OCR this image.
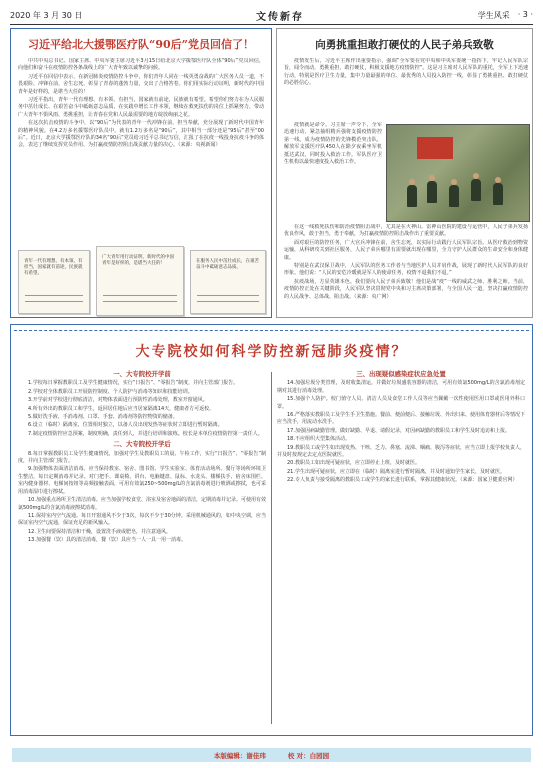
2020 年 3 月 30 日	文传新存	学生风采 · 3 ·
习近平给北大援鄂医疗队“90后”党员回信了！

中共中央总书记、国家主席、中央军委主席习近平3月15日给北京大学援鄂医疗队全体“90后”党员回信，向他们和奋斗在疫情防控各条战线上的广大青年致以诚挚的问候。

习近平在回信中表示，在新冠肺炎疫情防控斗争中，你们青年人同在一线英勇奋战的广大医务人员一道，不畏艰险、冲锋在前，舍生忘死，彰显了青春的蓬勃力量，交出了合格答卷。你们用实际行动证明，新时代的中国青年是好样的，是堪当大任的！

习近平指出，青年一代有理想、有本领、有担当，国家就有前途，民族就有希望。希望你们努力在为人民服务中茁壮成长、在艰苦奋斗中砥砺意志品质、在实践中增长工作本领，继续在救死扶伤的岗位上抓紧努力，带动广大青年不惧风雨、勇挑重担，让青春在党和人民最需要的地方绽放绚丽之花。

在这次抗击疫情的斗争中，以“90后”为代表的青年一代冲锋在前、担当奉献，充分展现了新时代中国青年的精神风貌。在4.2万多名援鄂医疗队员中，就有1.2万多名是“90后”，其中相当一部分还是“95后”甚至“00后”。近日，北京大学援鄂医疗队的34名“90后”党员给习近平总书记写信，汇报了在抗疫一线投身抗疫斗争的体会，表达了继续发挥党员作用、为打赢疫情防控阻击战贡献力量的决心。（来源：央视新闻）

青年一代有理想、有本领、有担当，国家就有前途，民族就有希望。
广大青年用行动证明，新时代的中国青年是好样的，是堪当大任的！	在服务人民中茁壮成长，在艰苦奋斗中砥砺意志品质。
向勇挑重担敢打硬仗的人民子弟兵致敬

疫情发生后，习近平主席作出重要指示，强调“全军要在党中央和中央军委统一指挥下，牢记人民军队宗旨，闻令而动，勇挑重担，敢打硬仗，积极支援地方疫情防控”。这是习主席对人民军队的重托，全军上下迅速行动，特别是医疗卫生力量，集中力量最强的单位、最优秀的人员投入防控一线，彰显了勇挑重担、敢打硬仗的必胜信心。

疫情就是命令。习主席一声令下，全军迅速行动，紧急抽组精兵强将支援疫情防控第一线。成为疫情防控的先锋模范突击队，解放军支援医疗队450人在除夕夜乘坐军机抵达武汉，同时投入救治工作。军队医疗卫生机构以最快速度投入救治工作。

在这一线救死扶伤和防治疫情阻击战中，尤其是在火神山、雷神山医院的建设与运营中，人民子弟兵发扬优良作风，敢于担当，勇于奉献，为打赢疫情防控阻击战作出了重要贡献。

面对艰巨的防控任务，广大官兵冲锋在前，舍生忘死，以实际行动践行人民军队宗旨。从医疗救治到物资运输，从科研攻关到社区服务，人民子弟兵哪里有需要就出现在哪里，全力守护人民群众的生命安全和身体健康。

特别是在武汉保卫战中，人民军队的医务工作者与当地医护人员并肩作战，展现了新时代人民军队的良好形象。他们说：“人民的安危冷暖就是军人的使命任务，疫情不退我们不退。”

抗疫战场，方显英雄本色。我们要向人民子弟兵致敬！他们是战“疫”一线的威武之师、胜利之师。当前，疫情防控正处在关键阶段，人民军队坚决贯彻党中央和习主席决策部署，与全国人民一道，坚决打赢疫情防控的人民战争、总体战、阻击战。（来源：央广网）

大专院校如何科学防控新冠肺炎疫情？
一、大专院校开学前

1.学校每日掌握教职员工及学生健康情况，实行“日报告”、“零报告”制度，并向主管部门报告。

2.学校对全体教职员工开展防控制度、个人防护与消毒等知识和技能培训。

3.开学前对学校进行彻底清洁，对物体表面进行预防性消毒处理，教室开窗通风。

4.所有外出的教职员工和学生，返回居住地后应当居家隔离14天，健康者方可返校。

5.做好洗手液、手消毒剂、口罩、手套、消毒剂等防控物资的储备。

6.设立（临时）隔离室，位置相对独立，以备人员出现发热等症状时立即进行暂时隔离。

7.制定疫情防控应急预案，制度明确，责任到人，并进行培训和演练。校长是本单位疫情防控第一责任人。

二、大专院校开学后

8.每日掌握教职员工及学生健康情况，加强对学生及教职员工的晨、午检工作，实行“日报告”、“零报告”制度，并向主管部门报告。

9.加强物体表面清洁消毒。应当保持教室、宿舍、图书馆、学生实验室、体育活动场所、餐厅等场所环境卫生整洁，每日定期消毒并记录。对门把手、课桌椅、讲台、电脑键盘、鼠标、水龙头、楼梯扶手、宿舍床围栏、室内健身器材、电梯间按钮等高频接触表面，可用有效氯250~500mg/L的含氯消毒剂进行喷洒或擦拭，也可采用消毒湿巾进行擦拭。

10.加强重点场所卫生清洁消毒。应当加强学校食堂、浴室及宿舍地面的清洁，定期消毒并记录。可使用有效氯500mg/L的含氯消毒液擦拭消毒。

11.保持室内空气流通。每日开窗通风不少于3次，每次不少于30分钟。采用机械通风的，如中央空调，应当保证室内空气流通，保证充足的新风输入。

12.卫生间要保持清洁和干燥，设置洗手液或肥皂，并注意通风。

13.加强餐（饮）具的清洁消毒，餐（饮）具应当一人一具一用一消毒。

三、出现疑似感染症状应急处置

14.加强垃圾分类管理，及时收集清运，并做好垃圾盛装容器的清洁，可用有效氯500mg/L的含氯消毒剂定期对其进行消毒处理。

15.加强个人防护。校门值守人员、清洁人员及食堂工作人员等应当佩戴一次性使用医用口罩或医用外科口罩。

16.严格落实教职员工及学生手卫生措施。餐前、便前便后、接触垃圾、外出归来、使用体育器材后等情况下应当洗手，用流动水洗手。

17.加强因病缺勤管理。做好缺勤、早退、请假记录，对因病缺勤的教职员工和学生及时追访和上报。

18.不应组织大型集体活动。

19.教职员工或学生如出现发热、干咳、乏力、鼻塞、流涕、咽痛、腹泻等症状，应当立即上报学校负责人，并及时按规定去定点医院就医。

20.教职员工如出现可疑症状，应立即停止上班，及时就医。

21.学生出现可疑症状，应立即在（临时）隔离室进行暂时隔离，并及时通知学生家长，及时就医。

22.专人负责与接受隔离的教职员工或学生的家长进行联系，掌握其健康状况。（来源：国家卫健委官网）

本版编辑：谢佳玮	校 对：白园园
